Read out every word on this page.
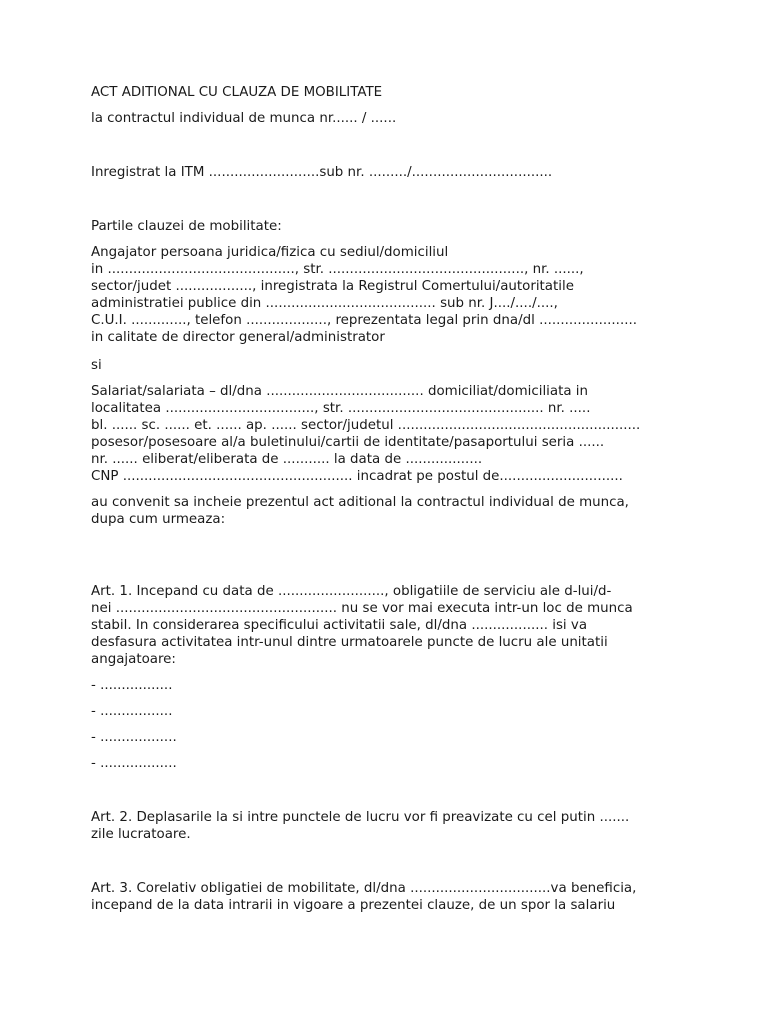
ACT ADITIONAL CU CLAUZA DE MOBILITATE
la contractul individual de munca nr...... / ......
Inregistrat la ITM ..........................sub nr. ........./.................................
Partile clauzei de mobilitate:
Angajator persoana juridica/fizica cu sediul/domiciliul
in ............................................, str. .............................................., nr. ......,
sector/judet .................., inregistrata la Registrul Comertului/autoritatile
administratiei publice din ........................................ sub nr. J..../..../....,
C.U.I. ............., telefon ..................., reprezentata legal prin dna/dl .......................
in calitate de director general/administrator
si
Salariat/salariata – dl/dna ..................................... domiciliat/domiciliata in
localitatea ..................................., str. .............................................. nr. .....
bl. ...... sc. ...... et. ...... ap. ...... sector/judetul .........................................................
posesor/posesoare al/a buletinului/cartii de identitate/pasaportului seria ......
nr. ...... eliberat/eliberata de ........... la data de ..................
CNP ...................................................... incadrat pe postul de.............................
au convenit sa incheie prezentul act aditional la contractul individual de munca,
dupa cum urmeaza:
Art. 1. Incepand cu data de ........................., obligatiile de serviciu ale d-lui/d-
nei .................................................... nu se vor mai executa intr-un loc de munca
stabil. In considerarea specificului activitatii sale, dl/dna .................. isi va
desfasura activitatea intr-unul dintre urmatoarele puncte de lucru ale unitatii
angajatoare:
- .................
- .................
- ..................
- ..................
Art. 2. Deplasarile la si intre punctele de lucru vor fi preavizate cu cel putin .......
zile lucratoare.
Art. 3. Corelativ obligatiei de mobilitate, dl/dna .................................va beneficia,
incepand de la data intrarii in vigoare a prezentei clauze, de un spor la salariu
